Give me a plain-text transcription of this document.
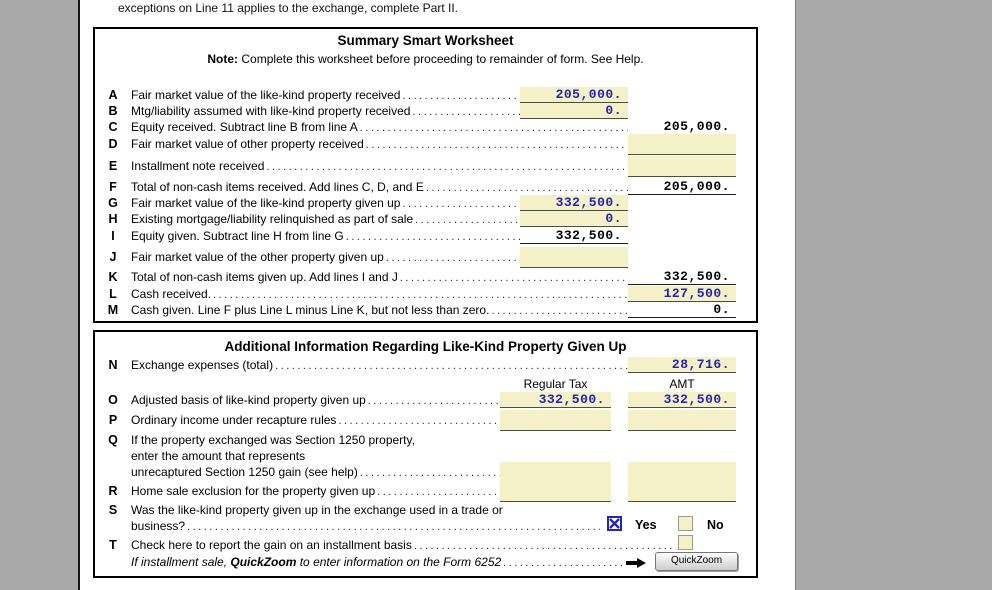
exceptions on Line 11 applies to the exchange, complete Part II.
Summary Smart Worksheet
Note: Complete this worksheet before proceeding to remainder of form. See Help.
A Fair market value of the like-kind property received .....	205,000.
B Mtg/liability assumed with like-kind property received .....	0.
C Equity received. Subtract line B from line A .....	205,000.
D Fair market value of other property received
.....
E	Installment note received
.....
F	Total of non-cash items received. Add lines C, D, and E .....	205,000.
G Fair market value of the like-kind property given up .....	332,500.
H Existing mortgage/liability relinquished as part of sale .....	0.
I	Equity given. Subtract line H from line G .....	332,500.
J	Fair market value of the other property given up
.....
K Total of non-cash items given up. Add lines I and J .....	332,500.
L	Cash received. .....	127,500.
M Cash given. Line F plus Line L minus Line K, but not less than zero. .....	0.
Additional Information Regarding Like-Kind Property Given Up
N Exchange expenses (total) .....	28,716.
Regular Tax	AMT
O Adjusted basis of like-kind property given up .....	332,500.	332,500.
P	Ordinary income under recapture rules
.....
Q If the property exchanged was Section 1250 property,
enter the amount that represents
unrecaptured Section 1250 gain (see help)
.....
R Home sale exclusion for the property given up
.....
S	Was the like-kind property given up in the exchange used in a trade or
business? .....	Yes	No
T	Check here to report the gain on an installment basis
.....
If installment sale, QuickZoom to enter information on the Form 6252 .....	QuickZoom
